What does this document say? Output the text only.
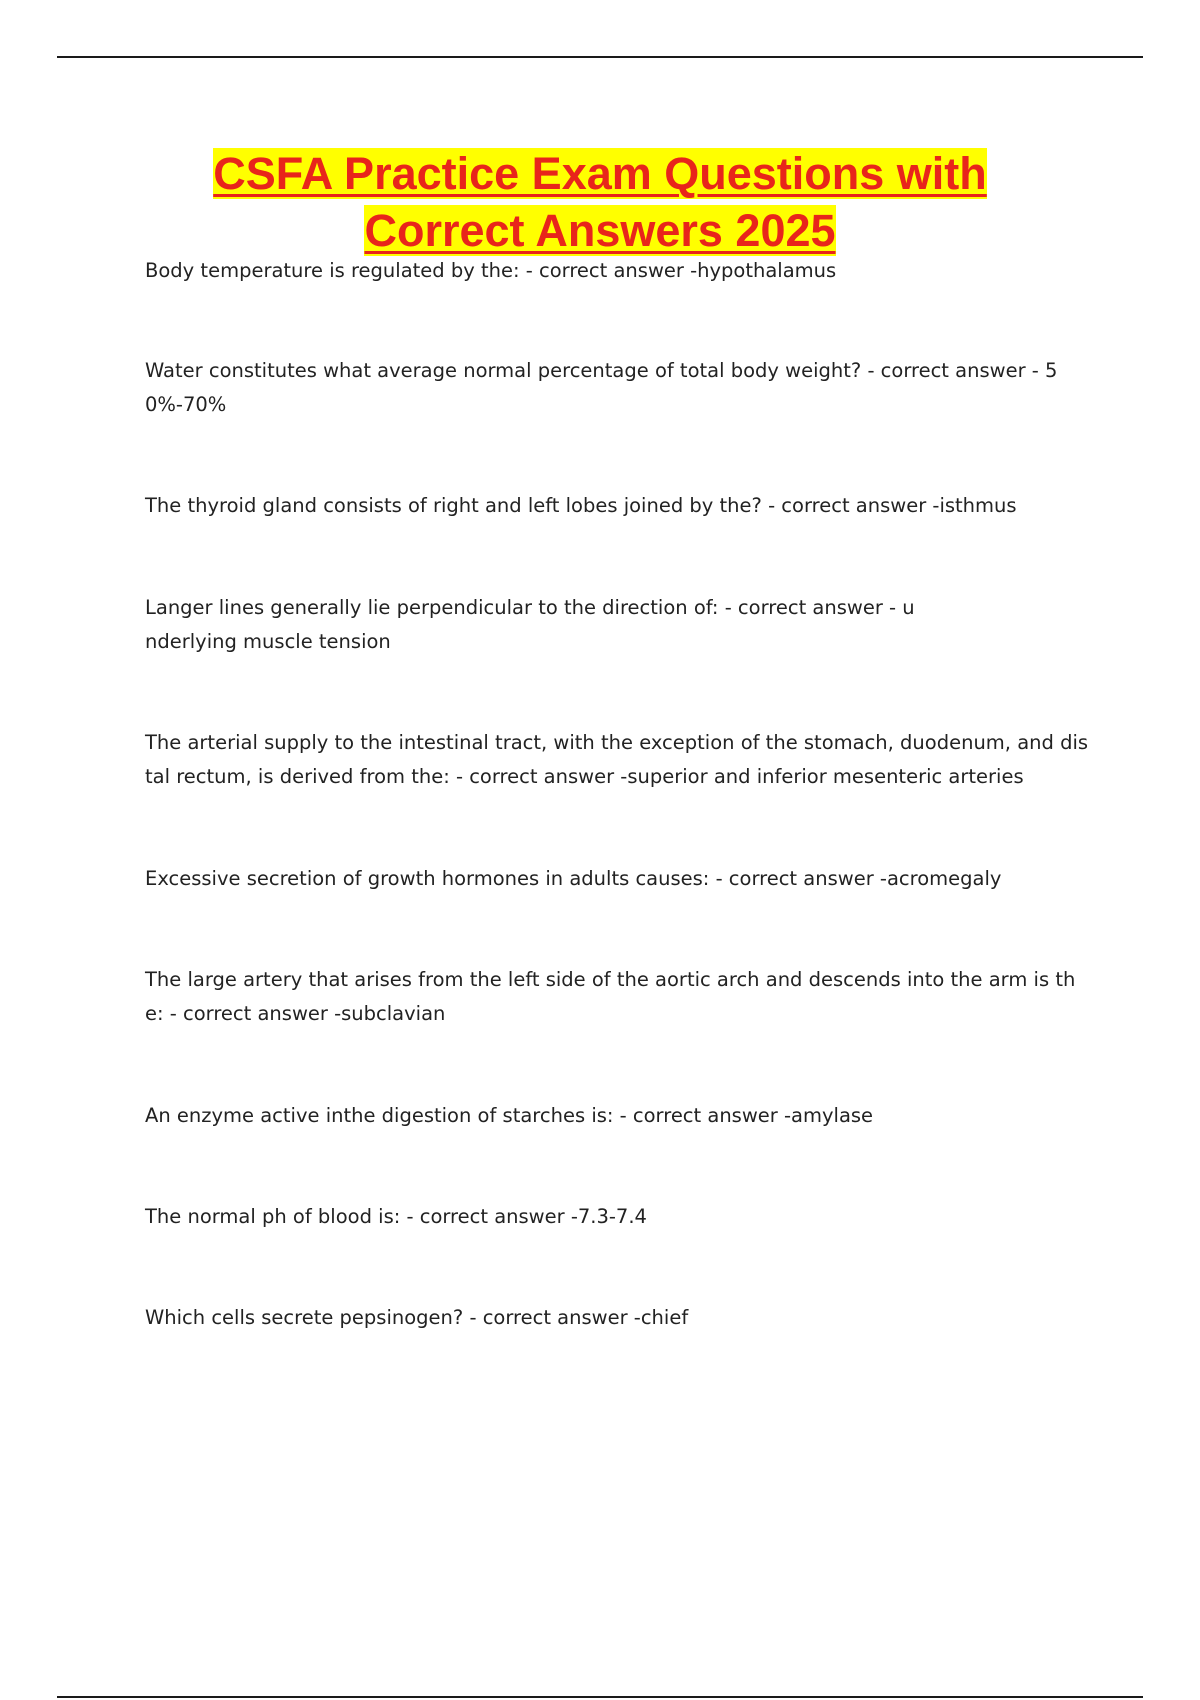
CSFA Practice Exam Questions with
Correct Answers 2025

Body temperature is regulated by the: - correct answer -hypothalamus

Water constitutes what average normal percentage of total body weight? - correct answer - 50%-70%

The thyroid gland consists of right and left lobes joined by the? - correct answer -isthmus

Langer lines generally lie perpendicular to the direction of: - correct answer - underlying muscle tension

The arterial supply to the intestinal tract, with the exception of the stomach, duodenum, and distal rectum, is derived from the: - correct answer -superior and inferior mesenteric arteries

Excessive secretion of growth hormones in adults causes: - correct answer -acromegaly

The large artery that arises from the left side of the aortic arch and descends into the arm is the: - correct answer -subclavian

An enzyme active inthe digestion of starches is: - correct answer -amylase

The normal ph of blood is: - correct answer -7.3-7.4

Which cells secrete pepsinogen? - correct answer -chief
